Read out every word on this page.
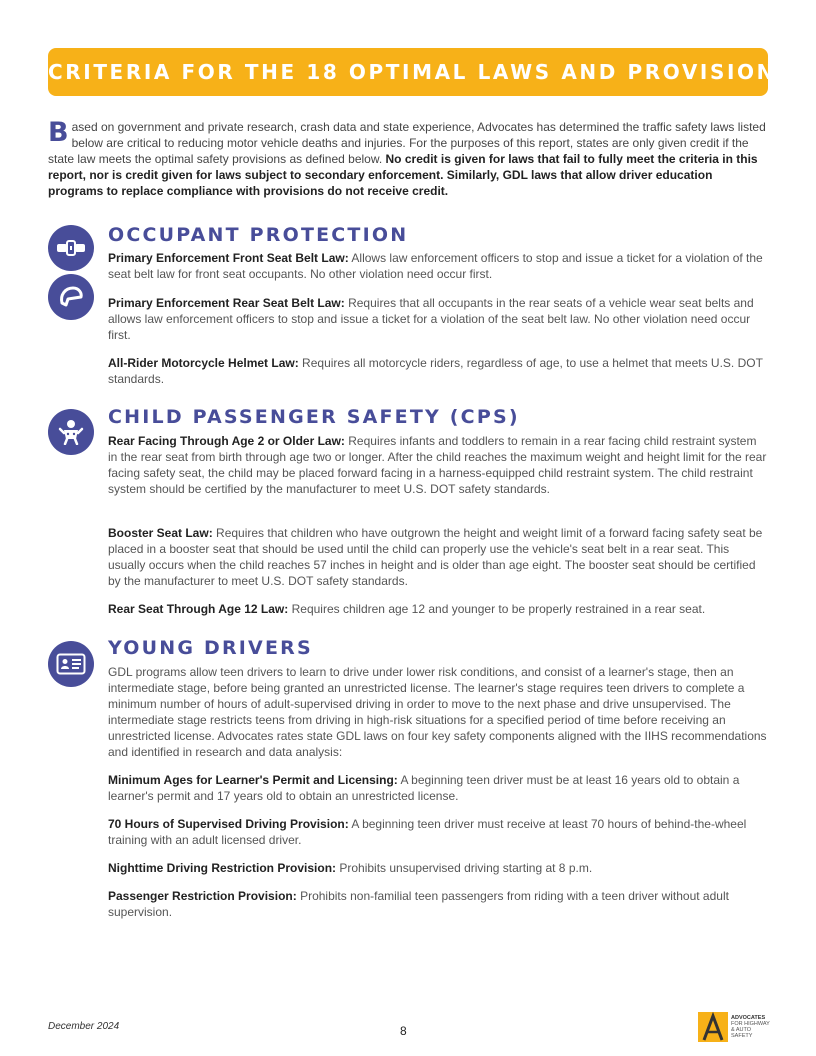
CRITERIA FOR THE 18 OPTIMAL LAWS AND PROVISIONS
Based on government and private research, crash data and state experience, Advocates has determined the traffic safety laws listed below are critical to reducing motor vehicle deaths and injuries. For the purposes of this report, states are only given credit if the state law meets the optimal safety provisions as defined below. No credit is given for laws that fail to fully meet the criteria in this report, nor is credit given for laws subject to secondary enforcement. Similarly, GDL laws that allow driver education programs to replace compliance with provisions do not receive credit.
OCCUPANT PROTECTION
Primary Enforcement Front Seat Belt Law: Allows law enforcement officers to stop and issue a ticket for a violation of the seat belt law for front seat occupants. No other violation need occur first.
Primary Enforcement Rear Seat Belt Law: Requires that all occupants in the rear seats of a vehicle wear seat belts and allows law enforcement officers to stop and issue a ticket for a violation of the seat belt law. No other violation need occur first.
All-Rider Motorcycle Helmet Law: Requires all motorcycle riders, regardless of age, to use a helmet that meets U.S. DOT standards.
CHILD PASSENGER SAFETY (CPS)
Rear Facing Through Age 2 or Older Law: Requires infants and toddlers to remain in a rear facing child restraint system in the rear seat from birth through age two or longer. After the child reaches the maximum weight and height limit for the rear facing safety seat, the child may be placed forward facing in a harness-equipped child restraint system. The child restraint system should be certified by the manufacturer to meet U.S. DOT safety standards.
Booster Seat Law: Requires that children who have outgrown the height and weight limit of a forward facing safety seat be placed in a booster seat that should be used until the child can properly use the vehicle's seat belt in a rear seat. This usually occurs when the child reaches 57 inches in height and is older than age eight. The booster seat should be certified by the manufacturer to meet U.S. DOT safety standards.
Rear Seat Through Age 12 Law: Requires children age 12 and younger to be properly restrained in a rear seat.
YOUNG DRIVERS
GDL programs allow teen drivers to learn to drive under lower risk conditions, and consist of a learner's stage, then an intermediate stage, before being granted an unrestricted license. The learner's stage requires teen drivers to complete a minimum number of hours of adult-supervised driving in order to move to the next phase and drive unsupervised. The intermediate stage restricts teens from driving in high-risk situations for a specified period of time before receiving an unrestricted license. Advocates rates state GDL laws on four key safety components aligned with the IIHS recommendations and identified in research and data analysis:
Minimum Ages for Learner's Permit and Licensing: A beginning teen driver must be at least 16 years old to obtain a learner's permit and 17 years old to obtain an unrestricted license.
70 Hours of Supervised Driving Provision: A beginning teen driver must receive at least 70 hours of behind-the-wheel training with an adult licensed driver.
Nighttime Driving Restriction Provision: Prohibits unsupervised driving starting at 8 p.m.
Passenger Restriction Provision: Prohibits non-familial teen passengers from riding with a teen driver without adult supervision.
December 2024	8
ADVOCATES
FOR HIGHWAY
& AUTO SAFETY
